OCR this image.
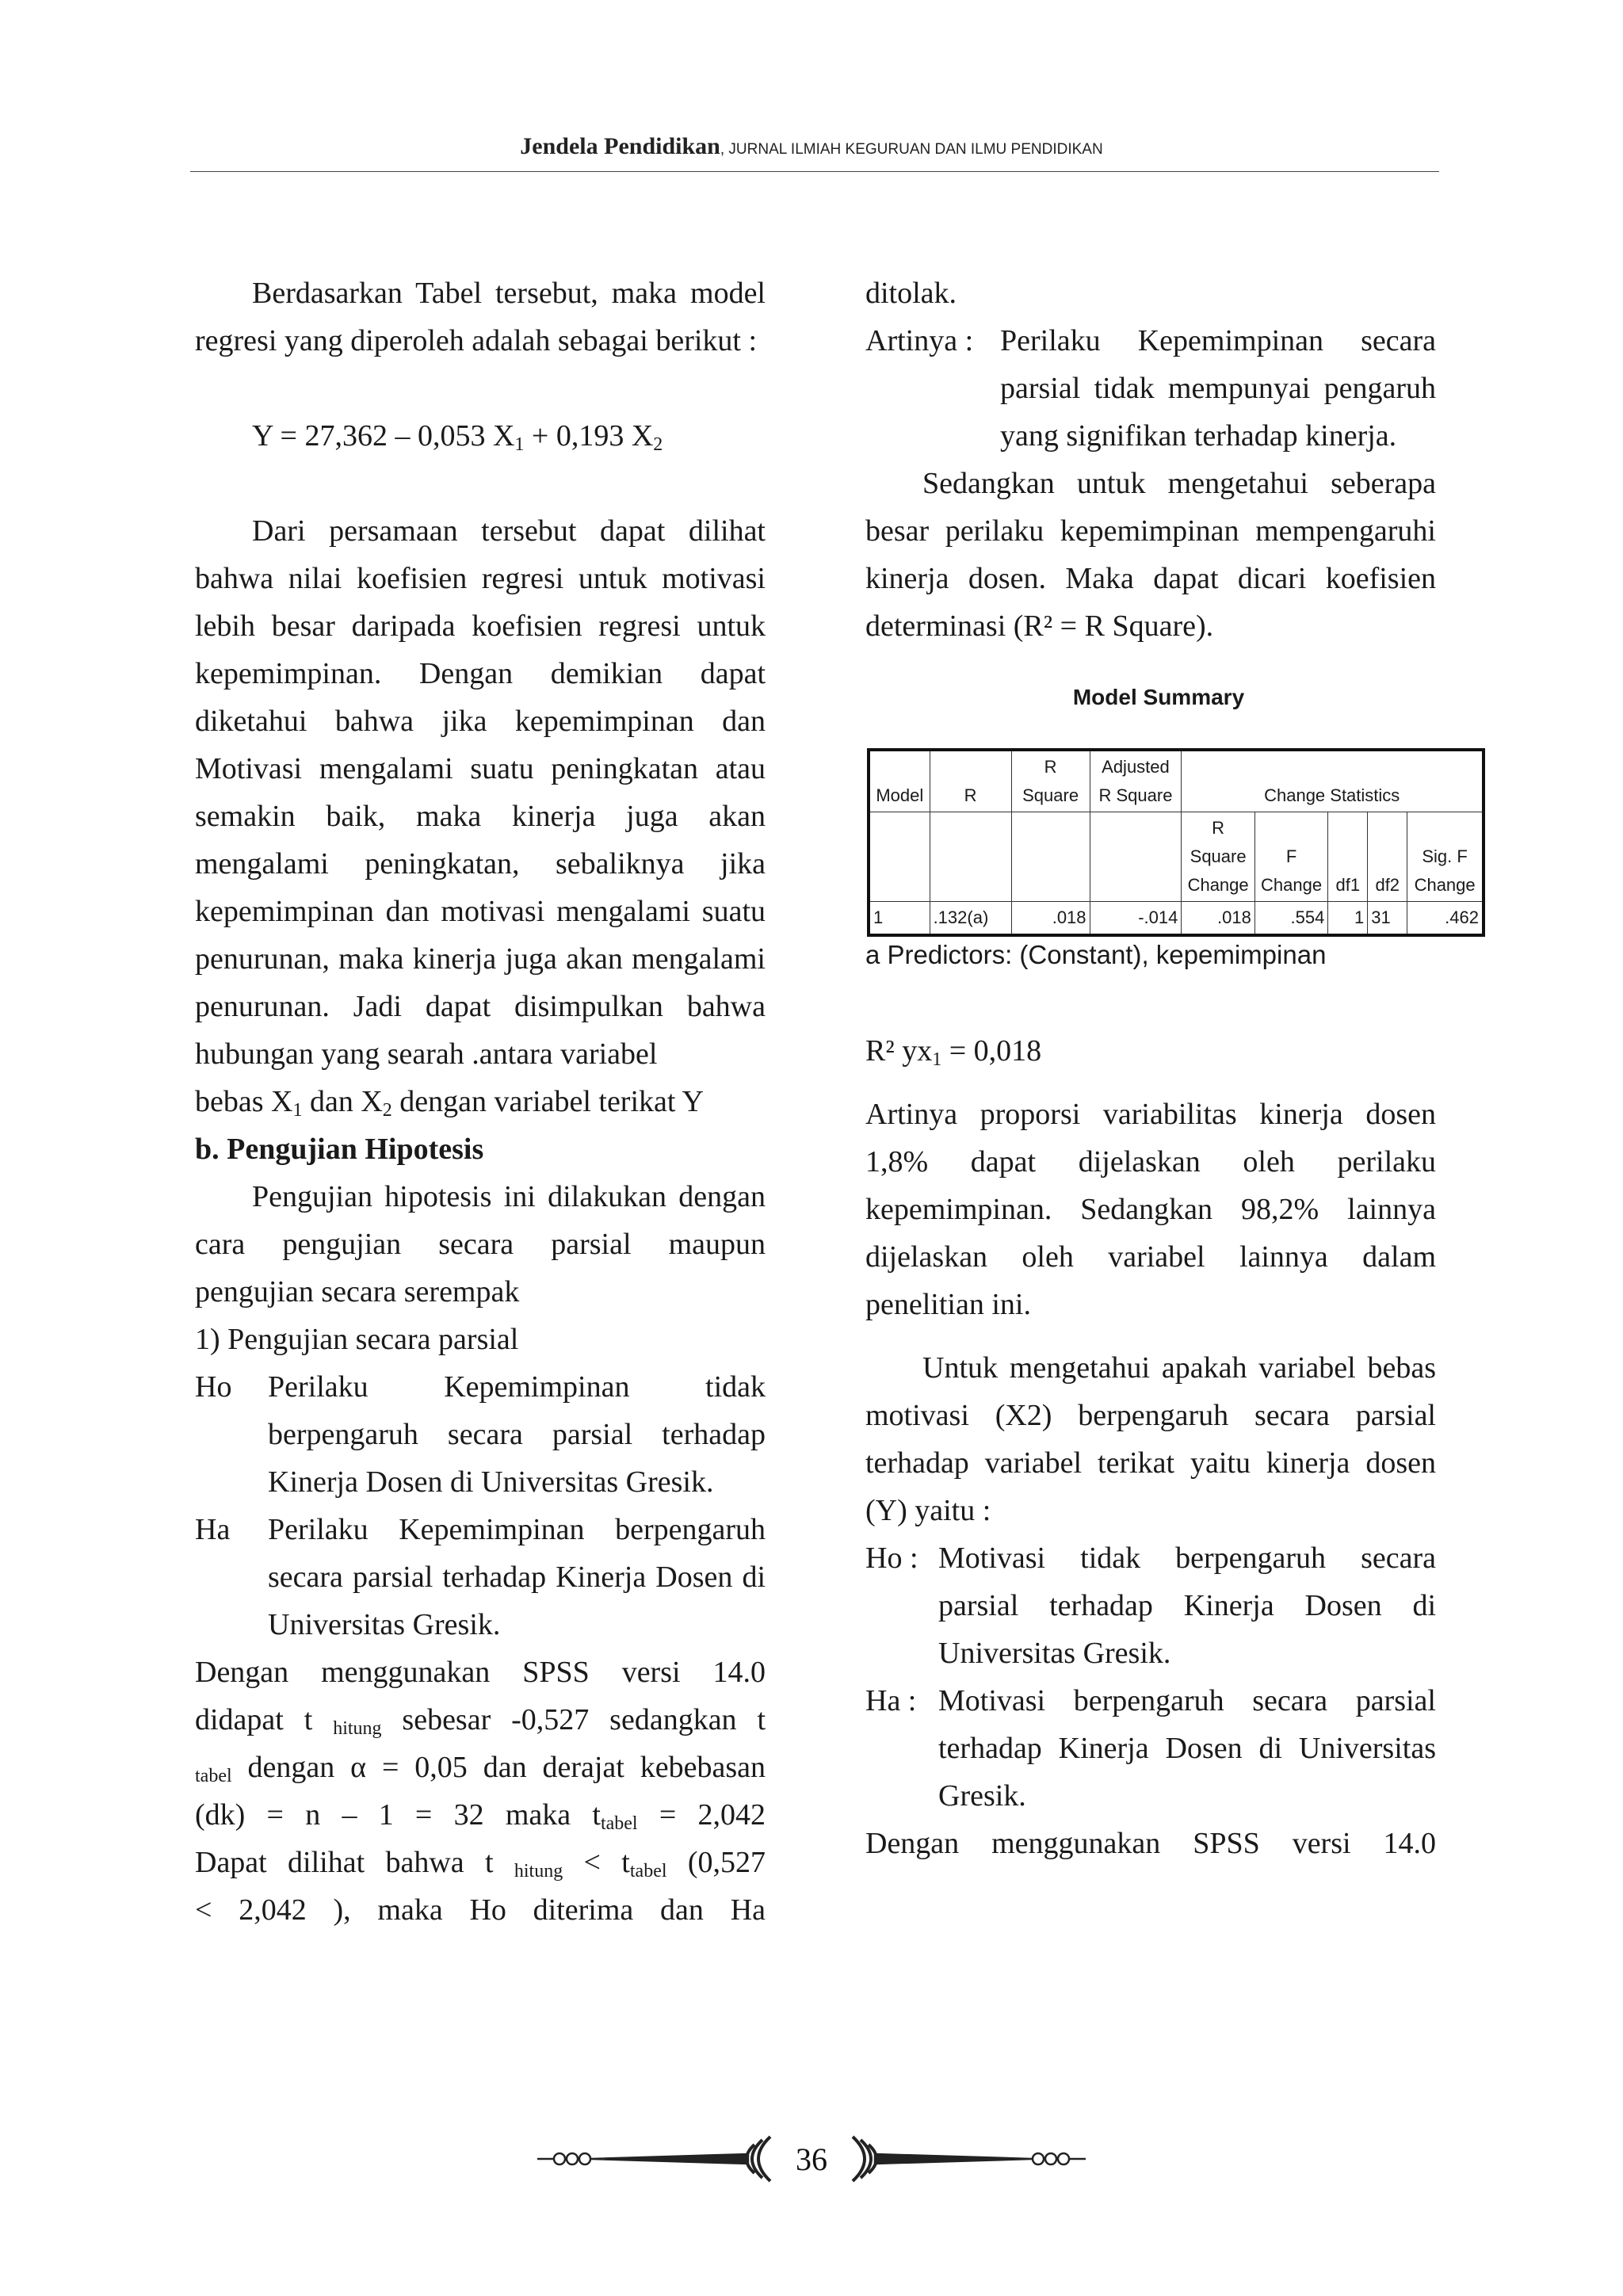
Jendela Pendidikan, JURNAL ILMIAH KEGURUAN DAN ILMU PENDIDIKAN

Berdasarkan Tabel tersebut, maka model regresi yang diperoleh adalah sebagai berikut :

Y = 27,362 – 0,053 $X_1 + 0,193$ $X_2$

Dari persamaan tersebut dapat dilihat bahwa nilai koefisien regresi untuk motivasi lebih besar daripada koefisien regresi untuk kepemimpinan. Dengan demikian dapat diketahui bahwa jika kepemimpinan dan Motivasi mengalami suatu peningkatan atau semakin baik, maka kinerja juga akan mengalami peningkatan, sebaliknya jika kepemimpinan dan motivasi mengalami suatu penurunan, maka kinerja juga akan mengalami penurunan. Jadi dapat disimpulkan bahwa hubungan yang searah .antara variabel

bebas $X_1$ dan $X_2$ dengan variabel terikat Y

b. Pengujian Hipotesis

Pengujian hipotesis ini dilakukan dengan cara pengujian secara parsial maupun pengujian secara serempak

1) Pengujian secara parsial

Ho	Perilaku Kepemimpinan tidak berpengaruh secara parsial terhadap Kinerja Dosen di Universitas Gresik.
Ha	Perilaku Kepemimpinan berpengaruh secara parsial terhadap Kinerja Dosen di Universitas Gresik.

Dengan menggunakan SPSS versi 14.0

didapat t $_{hitung}$ sebesar -0,527 sedangkan t

$_{tabel}$ dengan α = 0,05 dan derajat kebebasan

(dk) = n – 1 = 32 maka $t_{tabel} = 2,042$

Dapat dilihat bahwa t $_{hitung} < t_{tabel}$ (0,527

< 2,042 ), maka Ho diterima dan Ha

ditolak.

Artinya : Perilaku Kepemimpinan secara parsial tidak mempunyai pengaruh yang signifikan terhadap kinerja.

Sedangkan untuk mengetahui seberapa besar perilaku kepemimpinan mempengaruhi kinerja dosen. Maka dapat dicari koefisien determinasi (R² = R Square).

Model Summary

Model	R	R Square	Adjusted R Square	Change Statistics				
				R Square Change	F Change	df1	df2	Sig. F Change
1	.132(a)	.018	-.014	.018	.554	1	31	.462

a Predictors: (Constant), kepemimpinan

R² $yx_1 = 0,018$

Artinya proporsi variabilitas kinerja dosen 1,8% dapat dijelaskan oleh perilaku kepemimpinan. Sedangkan 98,2% lainnya dijelaskan oleh variabel lainnya dalam penelitian ini.

Untuk mengetahui apakah variabel bebas motivasi (X2) berpengaruh secara parsial terhadap variabel terikat yaitu kinerja dosen (Y) yaitu :

Ho : Motivasi tidak berpengaruh secara parsial terhadap Kinerja Dosen di Universitas Gresik.
Ha : Motivasi berpengaruh secara parsial terhadap Kinerja Dosen di Universitas Gresik.

Dengan menggunakan SPSS versi 14.0

36
